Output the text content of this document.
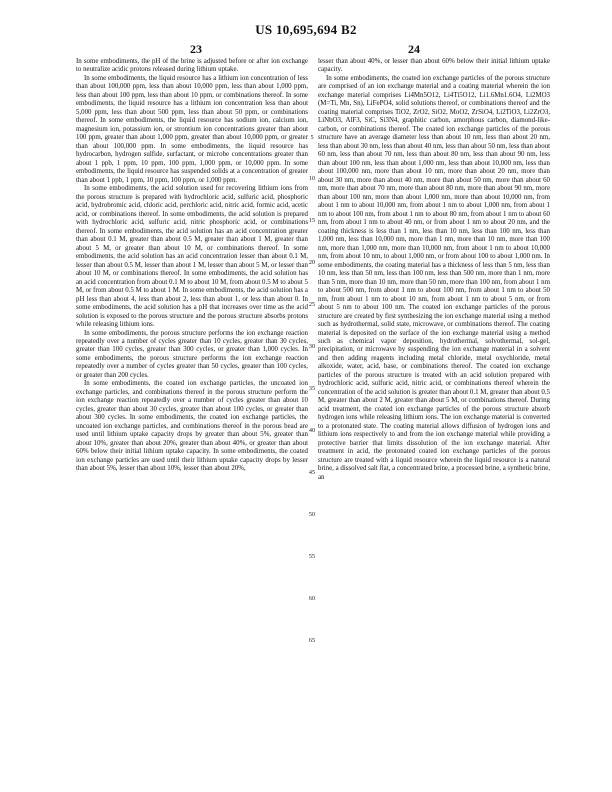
US 10,695,694 B2
23	24

In some embodiments, the pH of the brine is adjusted before or after ion exchange to neutralize acidic protons released during lithium uptake.

In some embodiments, the liquid resource has a lithium ion concentration of less than about 100,000 ppm, less than about 10,000 ppm, less than about 1,000 ppm, less than about 100 ppm, less than about 10 ppm, or combinations thereof. In some embodiments, the liquid resource has a lithium ion concentration less than about 5,000 ppm, less than about 500 ppm, less than about 50 ppm, or combinations thereof. In some embodiments, the liquid resource has sodium ion, calcium ion, magnesium ion, potassium ion, or strontium ion concentrations greater than about 100 ppm, greater than about 1,000 ppm, greater than about 10,000 ppm, or greater than about 100,000 ppm. In some embodiments, the liquid resource has hydrocarbon, hydrogen sulfide, surfactant, or microbe concentrations greater than about 1 ppb, 1 ppm, 10 ppm, 100 ppm, 1,000 ppm, or 10,000 ppm. In some embodiments, the liquid resource has suspended solids at a concentration of greater than about 1 ppb, 1 ppm, 10 ppm, 100 ppm, or 1,000 ppm.

In some embodiments, the acid solution used for recovering lithium ions from the porous structure is prepared with hydrochloric acid, sulfuric acid, phosphoric acid, hydrobromic acid, chloric acid, perchloric acid, nitric acid, formic acid, acetic acid, or combinations thereof. In some embodiments, the acid solution is prepared with hydrochloric acid, sulfuric acid, nitric phosphoric acid, or combinations thereof. In some embodiments, the acid solution has an acid concentration greater than about 0.1 M, greater than about 0.5 M, greater than about 1 M, greater than about 5 M, or greater than about 10 M, or combinations thereof. In some embodiments, the acid solution has an acid concentration lesser than about 0.1 M, lesser than about 0.5 M, lesser than about 1 M, lesser than about 5 M, or lesser than about 10 M, or combinations thereof. In some embodiments, the acid solution has an acid concentration from about 0.1 M to about 10 M, from about 0.5 M to about 5 M, or from about 0.5 M to about 1 M. In some embodiments, the acid solution has a pH less than about 4, less than about 2, less than about 1, or less than about 0. In some embodiments, the acid solution has a pH that increases over time as the acid solution is exposed to the porous structure and the porous structure absorbs protons while releasing lithium ions.

In some embodiments, the porous structure performs the ion exchange reaction repeatedly over a number of cycles greater than 10 cycles, greater than 30 cycles, greater than 100 cycles, greater than 300 cycles, or greater than 1,000 cycles. In some embodiments, the porous structure performs the ion exchange reaction repeatedly over a number of cycles greater than 50 cycles, greater than 100 cycles, or greater than 200 cycles.

In some embodiments, the coated ion exchange particles, the uncoated ion exchange particles, and combinations thereof in the porous structure perform the ion exchange reaction repeatedly over a number of cycles greater than about 10 cycles, greater than about 30 cycles, greater than about 100 cycles, or greater than about 300 cycles. In some embodiments, the coated ion exchange particles, the uncoated ion exchange particles, and combinations thereof in the porous bead are used until lithium uptake capacity drops by greater than about 5%, greater than about 10%, greater than about 20%, greater than about 40%, or greater than about 60% below their initial lithium uptake capacity. In some embodiments, the coated ion exchange particles are used until their lithium uptake capacity drops by lesser than about 5%, lesser than about 10%, lesser than about 20%,

lesser than about 40%, or lesser than about 60% below their initial lithium uptake capacity.

In some embodiments, the coated ion exchange particles of the porous structure are comprised of an ion exchange material and a coating material wherein the ion exchange material comprises Li4Mn5O12, Li4Ti5O12, Li1.6Mn1.6O4, Li2MO3 (M=Ti, Mn, Sn), LiFePO4, solid solutions thereof, or combinations thereof and the coating material comprises TiO2, ZrO2, SiO2, MoO2, ZrSiO4, Li2TiO3, Li2ZrO3, LiNbO3, AlF3, SiC, Si3N4, graphitic carbon, amorphous carbon, diamond-like-carbon, or combinations thereof. The coated ion exchange particles of the porous structure have an average diameter less than about 10 nm, less than about 20 nm, less than about 30 nm, less than about 40 nm, less than about 50 nm, less than about 60 nm, less than about 70 nm, less than about 80 nm, less than about 90 nm, less than about 100 nm, less than about 1,000 nm, less than about 10,000 nm, less than about 100,000 nm, more than about 10 nm, more than about 20 nm, more than about 30 nm, more than about 40 nm, more than about 50 nm, more than about 60 nm, more than about 70 nm, more than about 80 nm, more than about 90 nm, more than about 100 nm, more than about 1,000 nm, more than about 10,000 nm, from about 1 nm to about 10,000 nm, from about 1 nm to about 1,000 nm, from about 1 nm to about 100 nm, from about 1 nm to about 80 nm, from about 1 nm to about 60 nm, from about 1 nm to about 40 nm, or from about 1 nm to about 20 nm, and the coating thickness is less than 1 nm, less than 10 nm, less than 100 nm, less than 1,000 nm, less than 10,000 nm, more than 1 nm, more than 10 nm, more than 100 nm, more than 1,000 nm, more than 10,000 nm, from about 1 nm to about 10,000 nm, from about 10 nm, to about 1,000 nm, or from about 100 to about 1,000 nm. In some embodiments, the coating material has a thickness of less than 5 nm, less than 10 nm, less than 50 nm, less than 100 nm, less than 500 nm, more than 1 nm, more than 5 nm, more than 10 nm, more than 50 nm, more than 100 nm, from about 1 nm to about 500 nm, from about 1 nm to about 100 nm, from about 1 nm to about 50 nm, from about 1 nm to about 10 nm, from about 1 nm to about 5 nm, or from about 5 nm to about 100 nm. The coated ion exchange particles of the porous structure are created by first synthesizing the ion exchange material using a method such as hydrothermal, solid state, microwave, or combinations thereof. The coating material is deposited on the surface of the ion exchange material using a method such as chemical vapor deposition, hydrothermal, solvothermal, sol-gel, precipitation, or microwave by suspending the ion exchange material in a solvent and then adding reagents including metal chloride, metal oxychloride, metal alkoxide, water, acid, base, or combinations thereof. The coated ion exchange particles of the porous structure is treated with an acid solution prepared with hydrochloric acid, sulfuric acid, nitric acid, or combinations thereof wherein the concentration of the acid solution is greater than about 0.1 M, greater than about 0.5 M, greater than about 2 M, greater than about 5 M, or combinations thereof. During acid treatment, the coated ion exchange particles of the porous structure absorb hydrogen ions while releasing lithium ions. The ion exchange material is converted to a protonated state. The coating material allows diffusion of hydrogen ions and lithium ions respectively to and from the ion exchange material while providing a protective barrier that limits dissolution of the ion exchange material. After treatment in acid, the protonated coated ion exchange particles of the porous structure are treated with a liquid resource wherein the liquid resource is a natural brine, a dissolved salt flat, a concentrated brine, a processed brine, a synthetic brine, an

5
10
15
20
25
30
35
40
45
50
55
60
65
